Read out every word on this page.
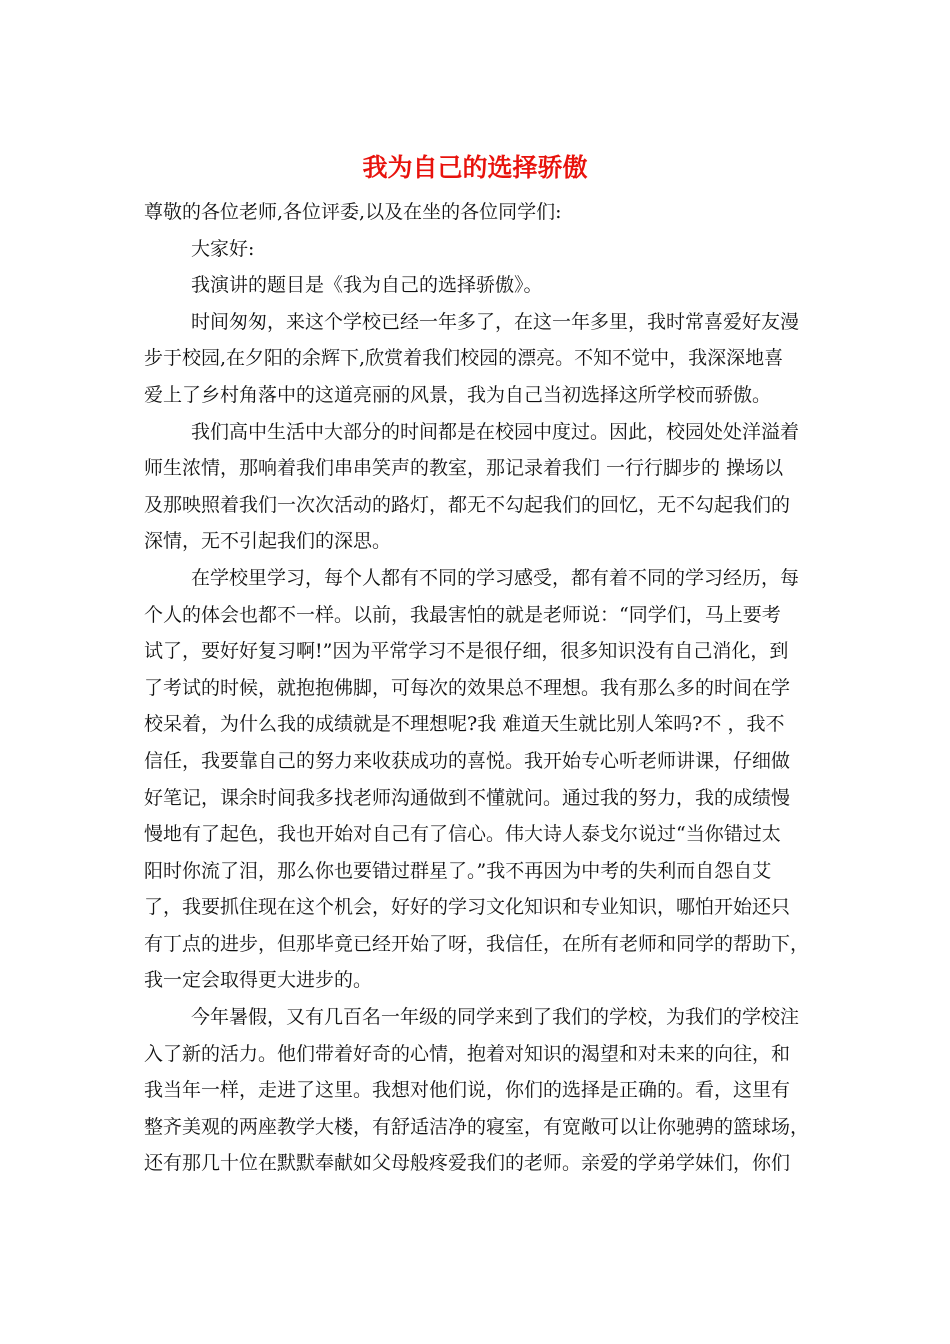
我为自己的选择骄傲
尊敬的各位老师,各位评委,以及在坐的各位同学们:
大家好:
我演讲的题目是《我为自己的选择骄傲》。
时间匆匆，来这个学校已经一年多了，在这一年多里，我时常喜爱好友漫
步于校园,在夕阳的余辉下,欣赏着我们校园的漂亮。不知不觉中，我深深地喜
爱上了乡村角落中的这道亮丽的风景，我为自己当初选择这所学校而骄傲。
我们高中生活中大部分的时间都是在校园中度过。因此，校园处处洋溢着
师生浓情，那响着我们串串笑声的教室，那记录着我们 一行行脚步的 操场以
及那映照着我们一次次活动的路灯，都无不勾起我们的回忆，无不勾起我们的
深情，无不引起我们的深思。
在学校里学习，每个人都有不同的学习感受，都有着不同的学习经历，每
个人的体会也都不一样。以前，我最害怕的就是老师说：“同学们，马上要考
试了，要好好复习啊!”因为平常学习不是很仔细，很多知识没有自己消化，到
了考试的时候，就抱抱佛脚，可每次的效果总不理想。我有那么多的时间在学
校呆着，为什么我的成绩就是不理想呢?我 难道天生就比别人笨吗?不 ，我不
信任，我要靠自己的努力来收获成功的喜悦。我开始专心听老师讲课，仔细做
好笔记，课余时间我多找老师沟通做到不懂就问。通过我的努力，我的成绩慢
慢地有了起色，我也开始对自己有了信心。伟大诗人泰戈尔说过“当你错过太
阳时你流了泪，那么你也要错过群星了。”我不再因为中考的失利而自怨自艾
了，我要抓住现在这个机会，好好的学习文化知识和专业知识，哪怕开始还只
有丁点的进步，但那毕竟已经开始了呀，我信任，在所有老师和同学的帮助下，
我一定会取得更大进步的。
今年暑假，又有几百名一年级的同学来到了我们的学校，为我们的学校注
入了新的活力。他们带着好奇的心情，抱着对知识的渴望和对未来的向往，和
我当年一样，走进了这里。我想对他们说，你们的选择是正确的。看，这里有
整齐美观的两座教学大楼，有舒适洁净的寝室，有宽敞可以让你驰骋的篮球场，
还有那几十位在默默奉献如父母般疼爱我们的老师。亲爱的学弟学妹们，你们
